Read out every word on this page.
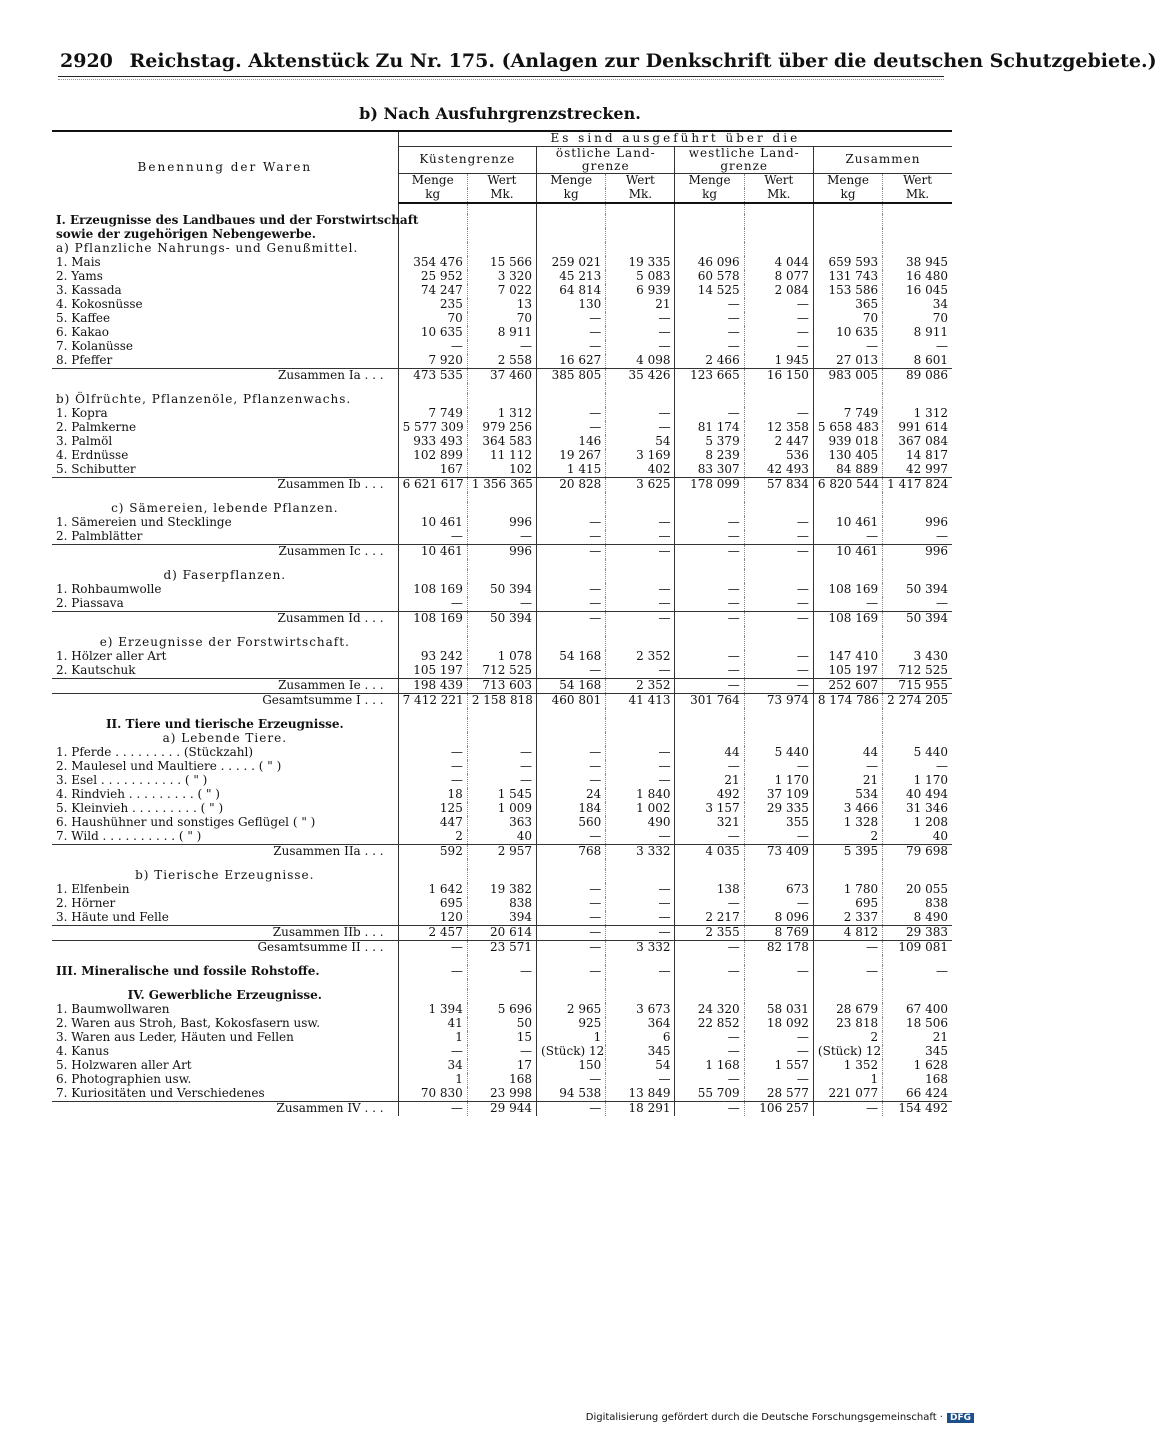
2920 Reichstag. Aktenstück Zu Nr. 175. (Anlagen zur Denkschrift über die deutschen Schutzgebiete.)
b) Nach Ausfuhrgrenzstrecken.
Benennung der Waren	Es sind ausgeführt über die							
	Küstengrenze		östliche Land-grenze		westliche Land-grenze		Zusammen	
	Menge	Wert	Menge	Wert	Menge	Wert	Menge	Wert
	kg	Mk.	kg	Mk.	kg	Mk.	kg	Mk.

I. Erzeugnisse des Landbaues und der Forstwirtschaft								
sowie der zugehörigen Nebengewerbe.								
a) Pflanzliche Nahrungs- und Genußmittel.								
1. Mais	354 476	15 566	259 021	19 335	46 096	4 044	659 593	38 945
2. Yams	25 952	3 320	45 213	5 083	60 578	8 077	131 743	16 480
3. Kassada	74 247	7 022	64 814	6 939	14 525	2 084	153 586	16 045
4. Kokosnüsse	235	13	130	21	—	—	365	34
5. Kaffee	70	70	—	—	—	—	70	70
6. Kakao	10 635	8 911	—	—	—	—	10 635	8 911
7. Kolanüsse	—	—	—	—	—	—	—	—
8. Pfeffer	7 920	2 558	16 627	4 098	2 466	1 945	27 013	8 601
Zusammen Ia . . .	473 535	37 460	385 805	35 426	123 665	16 150	983 005	89 086

b) Ölfrüchte, Pflanzenöle, Pflanzenwachs.								
1. Kopra	7 749	1 312	—	—	—	—	7 749	1 312
2. Palmkerne	5 577 309	979 256	—	—	81 174	12 358	5 658 483	991 614
3. Palmöl	933 493	364 583	146	54	5 379	2 447	939 018	367 084
4. Erdnüsse	102 899	11 112	19 267	3 169	8 239	536	130 405	14 817
5. Schibutter	167	102	1 415	402	83 307	42 493	84 889	42 997
Zusammen Ib . . .	6 621 617	1 356 365	20 828	3 625	178 099	57 834	6 820 544	1 417 824

c) Sämereien, lebende Pflanzen.								
1. Sämereien und Stecklinge	10 461	996	—	—	—	—	10 461	996
2. Palmblätter	—	—	—	—	—	—	—	—
Zusammen Ic . . .	10 461	996	—	—	—	—	10 461	996

d) Faserpflanzen.								
1. Rohbaumwolle	108 169	50 394	—	—	—	—	108 169	50 394
2. Piassava	—	—	—	—	—	—	—	—
Zusammen Id . . .	108 169	50 394	—	—	—	—	108 169	50 394

e) Erzeugnisse der Forstwirtschaft.								
1. Hölzer aller Art	93 242	1 078	54 168	2 352	—	—	147 410	3 430
2. Kautschuk	105 197	712 525	—	—	—	—	105 197	712 525
Zusammen Ie . . .	198 439	713 603	54 168	2 352	—	—	252 607	715 955
Gesamtsumme I . . .	7 412 221	2 158 818	460 801	41 413	301 764	73 974	8 174 786	2 274 205

II. Tiere und tierische Erzeugnisse.								
a) Lebende Tiere.								
1. Pferde . . . . . . . . . (Stückzahl)	—	—	—	—	44	5 440	44	5 440
2. Maulesel und Maultiere . . . . . ( " )	—	—	—	—	—	—	—	—
3. Esel . . . . . . . . . . . ( " )	—	—	—	—	21	1 170	21	1 170
4. Rindvieh . . . . . . . . . ( " )	18	1 545	24	1 840	492	37 109	534	40 494
5. Kleinvieh . . . . . . . . . ( " )	125	1 009	184	1 002	3 157	29 335	3 466	31 346
6. Haushühner und sonstiges Geflügel ( " )	447	363	560	490	321	355	1 328	1 208
7. Wild . . . . . . . . . . ( " )	2	40	—	—	—	—	2	40
Zusammen IIa . . .	592	2 957	768	3 332	4 035	73 409	5 395	79 698

b) Tierische Erzeugnisse.								
1. Elfenbein	1 642	19 382	—	—	138	673	1 780	20 055
2. Hörner	695	838	—	—	—	—	695	838
3. Häute und Felle	120	394	—	—	2 217	8 096	2 337	8 490
Zusammen IIb . . .	2 457	20 614	—	—	2 355	8 769	4 812	29 383
Gesamtsumme II . . .	—	23 571	—	3 332	—	82 178	—	109 081

III. Mineralische und fossile Rohstoffe.	—	—	—	—	—	—	—	—

IV. Gewerbliche Erzeugnisse.								
1. Baumwollwaren	1 394	5 696	2 965	3 673	24 320	58 031	28 679	67 400
2. Waren aus Stroh, Bast, Kokosfasern usw.	41	50	925	364	22 852	18 092	23 818	18 506
3. Waren aus Leder, Häuten und Fellen	1	15	1	6	—	—	2	21
4. Kanus	—	—	(Stück) 12	345	—	—	(Stück) 12	345
5. Holzwaren aller Art	34	17	150	54	1 168	1 557	1 352	1 628
6. Photographien usw.	1	168	—	—	—	—	1	168
7. Kuriositäten und Verschiedenes	70 830	23 998	94 538	13 849	55 709	28 577	221 077	66 424
Zusammen IV . . .	—	29 944	—	18 291	—	106 257	—	154 492
Digitalisierung gefördert durch die Deutsche Forschungsgemeinschaft · DFG
